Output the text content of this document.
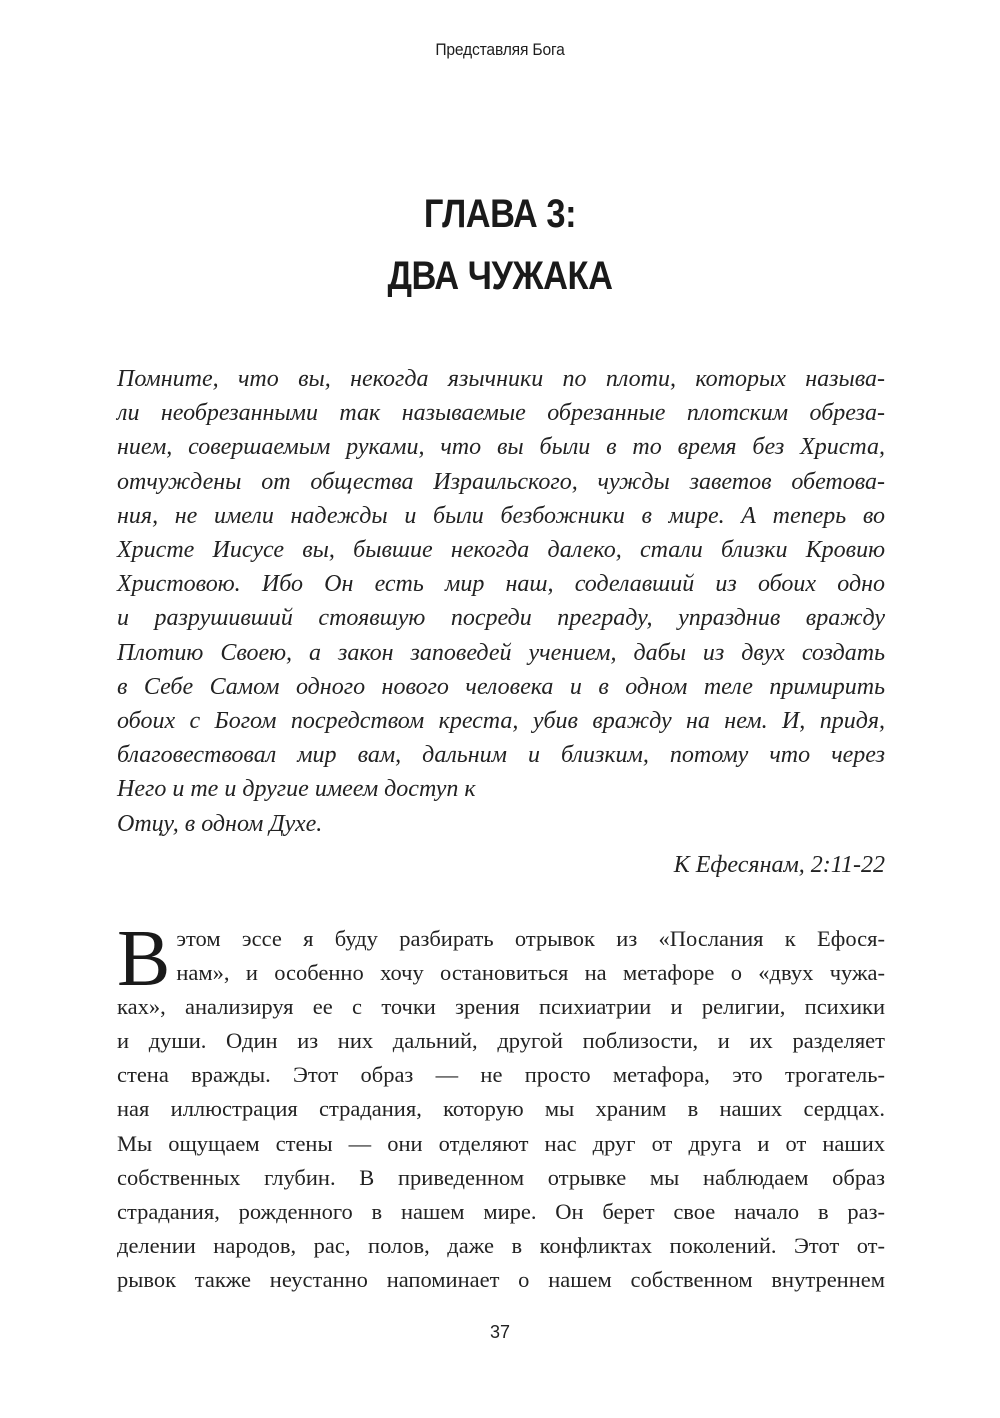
Представляя Бога
ГЛАВА 3:
ДВА ЧУЖАКА
Помните, что вы, некогда язычники по плоти, которых называ-
ли необрезанными так называемые обрезанные плотским обреза-
нием, совершаемым руками, что вы были в то время без Христа,
отчуждены от общества Израильского, чужды заветов обетова-
ния, не имели надежды и были безбожники в мире. А теперь во
Христе Иисусе вы, бывшие некогда далеко, стали близки Кровию
Христовою. Ибо Он есть мир наш, соделавший из обоих одно
и разрушивший стоявшую посреди преграду, упразднив вражду
Плотию Своею, а закон заповедей учением, дабы из двух создать
в Себе Самом одного нового человека и в одном теле примирить
обоих с Богом посредством креста, убив вражду на нем. И, придя,
благовествовал мир вам, дальним и близким, потому что через
Него и те и другие имеем доступ к
Отцу, в одном Духе.
К Ефесянам, 2:11-22
В этом эссе я буду разбирать отрывок из «Послания к Ефося-
нам», и особенно хочу остановиться на метафоре о «двух чужа-
ках», анализируя ее с точки зрения психиатрии и религии, психики
и души. Один из них дальний, другой поблизости, и их разделяет
стена вражды. Этот образ — не просто метафора, это трогатель-
ная иллюстрация страдания, которую мы храним в наших сердцах.
Мы ощущаем стены — они отделяют нас друг от друга и от наших
собственных глубин. В приведенном отрывке мы наблюдаем образ
страдания, рожденного в нашем мире. Он берет свое начало в раз-
делении народов, рас, полов, даже в конфликтах поколений. Этот от-
рывок также неустанно напоминает о нашем собственном внутреннем
37
